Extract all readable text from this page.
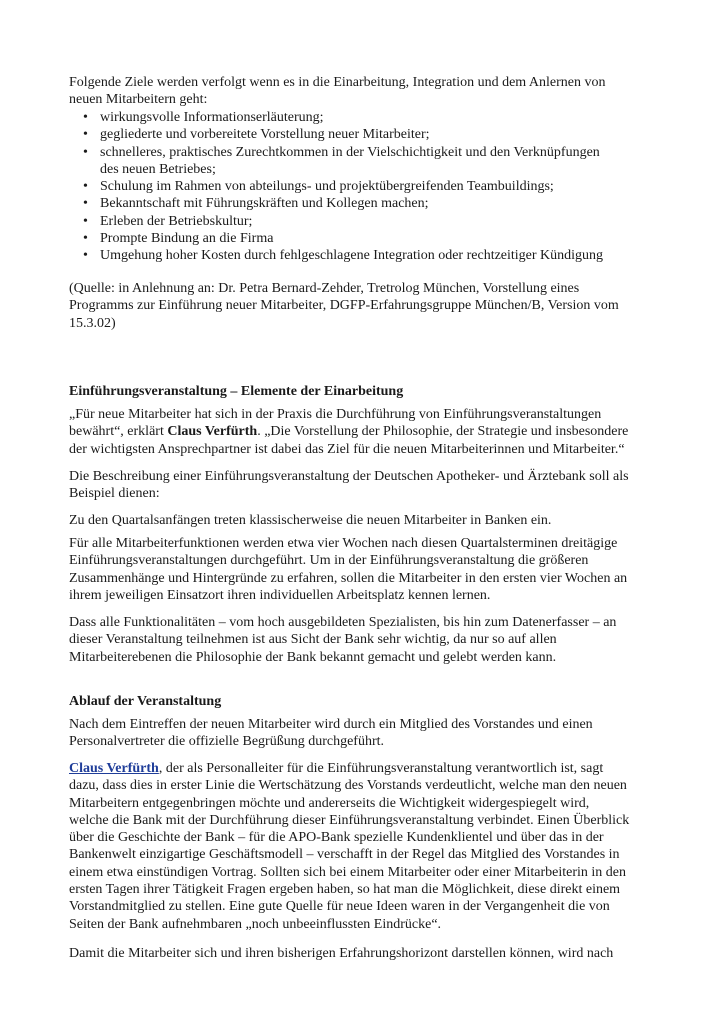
Folgende Ziele werden verfolgt wenn es in die Einarbeitung, Integration und dem Anlernen von
neuen Mitarbeitern geht:

• wirkungsvolle Informationserläuterung;
• gegliederte und vorbereitete Vorstellung neuer Mitarbeiter;
• schnelleres, praktisches Zurechtkommen in der Vielschichtigkeit und den Verknüpfungen
des neuen Betriebes;
• Schulung im Rahmen von abteilungs- und projektübergreifenden Teambuildings;
• Bekanntschaft mit Führungskräften und Kollegen machen;
• Erleben der Betriebskultur;
• Prompte Bindung an die Firma
• Umgehung hoher Kosten durch fehlgeschlagene Integration oder rechtzeitiger Kündigung

(Quelle: in Anlehnung an: Dr. Petra Bernard-Zehder, Tretrolog München, Vorstellung eines
Programms zur Einführung neuer Mitarbeiter, DGFP-Erfahrungsgruppe München/B, Version vom
15.3.02)

Einführungsveranstaltung – Elemente der Einarbeitung

„Für neue Mitarbeiter hat sich in der Praxis die Durchführung von Einführungsveranstaltungen
bewährt“, erklärt Claus Verfürth. „Die Vorstellung der Philosophie, der Strategie und insbesondere
der wichtigsten Ansprechpartner ist dabei das Ziel für die neuen Mitarbeiterinnen und Mitarbeiter.“

Die Beschreibung einer Einführungsveranstaltung der Deutschen Apotheker- und Ärztebank soll als
Beispiel dienen:

Zu den Quartalsanfängen treten klassischerweise die neuen Mitarbeiter in Banken ein.

Für alle Mitarbeiterfunktionen werden etwa vier Wochen nach diesen Quartalsterminen dreitägige
Einführungsveranstaltungen durchgeführt. Um in der Einführungsveranstaltung die größeren
Zusammenhänge und Hintergründe zu erfahren, sollen die Mitarbeiter in den ersten vier Wochen an
ihrem jeweiligen Einsatzort ihren individuellen Arbeitsplatz kennen lernen.

Dass alle Funktionalitäten – vom hoch ausgebildeten Spezialisten, bis hin zum Datenerfasser – an
dieser Veranstaltung teilnehmen ist aus Sicht der Bank sehr wichtig, da nur so auf allen
Mitarbeiterebenen die Philosophie der Bank bekannt gemacht und gelebt werden kann.

Ablauf der Veranstaltung

Nach dem Eintreffen der neuen Mitarbeiter wird durch ein Mitglied des Vorstandes und einen
Personalvertreter die offizielle Begrüßung durchgeführt.

Claus Verfürth, der als Personalleiter für die Einführungsveranstaltung verantwortlich ist, sagt
dazu, dass dies in erster Linie die Wertschätzung des Vorstands verdeutlicht, welche man den neuen
Mitarbeitern entgegenbringen möchte und andererseits die Wichtigkeit widergespiegelt wird,
welche die Bank mit der Durchführung dieser Einführungsveranstaltung verbindet. Einen Überblick
über die Geschichte der Bank – für die APO-Bank spezielle Kundenklientel und über das in der
Bankenwelt einzigartige Geschäftsmodell – verschafft in der Regel das Mitglied des Vorstandes in
einem etwa einstündigen Vortrag. Sollten sich bei einem Mitarbeiter oder einer Mitarbeiterin in den
ersten Tagen ihrer Tätigkeit Fragen ergeben haben, so hat man die Möglichkeit, diese direkt einem
Vorstandmitglied zu stellen. Eine gute Quelle für neue Ideen waren in der Vergangenheit die von
Seiten der Bank aufnehmbaren „noch unbeeinflussten Eindrücke“.

Damit die Mitarbeiter sich und ihren bisherigen Erfahrungshorizont darstellen können, wird nach
